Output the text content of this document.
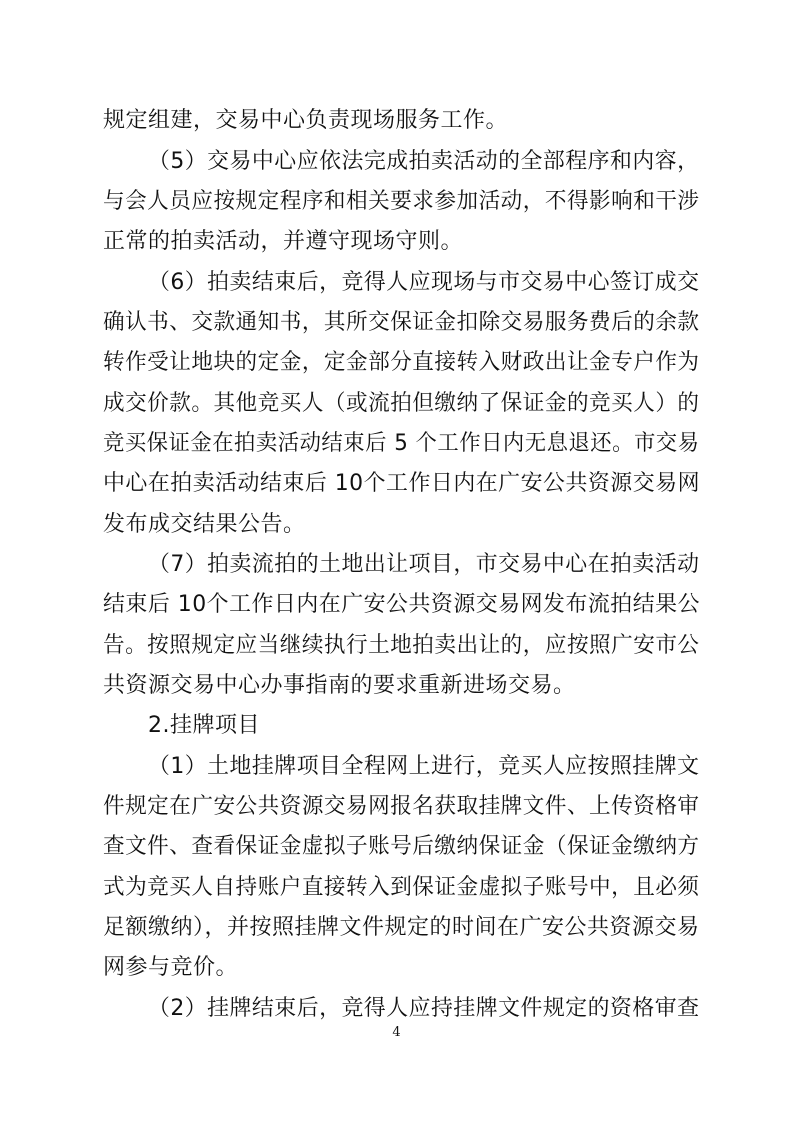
规定组建，交易中心负责现场服务工作。
（5）交易中心应依法完成拍卖活动的全部程序和内容，
与会人员应按规定程序和相关要求参加活动，不得影响和干涉
正常的拍卖活动，并遵守现场守则。
（6）拍卖结束后，竞得人应现场与市交易中心签订成交
确认书、交款通知书，其所交保证金扣除交易服务费后的余款
转作受让地块的定金，定金部分直接转入财政出让金专户作为
成交价款。其他竞买人（或流拍但缴纳了保证金的竞买人）的
竞买保证金在拍卖活动结束后 5 个工作日内无息退还。市交易
中心在拍卖活动结束后 10个工作日内在广安公共资源交易网
发布成交结果公告。
（7）拍卖流拍的土地出让项目，市交易中心在拍卖活动
结束后 10个工作日内在广安公共资源交易网发布流拍结果公
告。按照规定应当继续执行土地拍卖出让的，应按照广安市公
共资源交易中心办事指南的要求重新进场交易。
2.挂牌项目
（1）土地挂牌项目全程网上进行，竞买人应按照挂牌文
件规定在广安公共资源交易网报名获取挂牌文件、上传资格审
查文件、查看保证金虚拟子账号后缴纳保证金（保证金缴纳方
式为竞买人自持账户直接转入到保证金虚拟子账号中，且必须
足额缴纳），并按照挂牌文件规定的时间在广安公共资源交易
网参与竞价。
（2）挂牌结束后，竞得人应持挂牌文件规定的资格审查
4
